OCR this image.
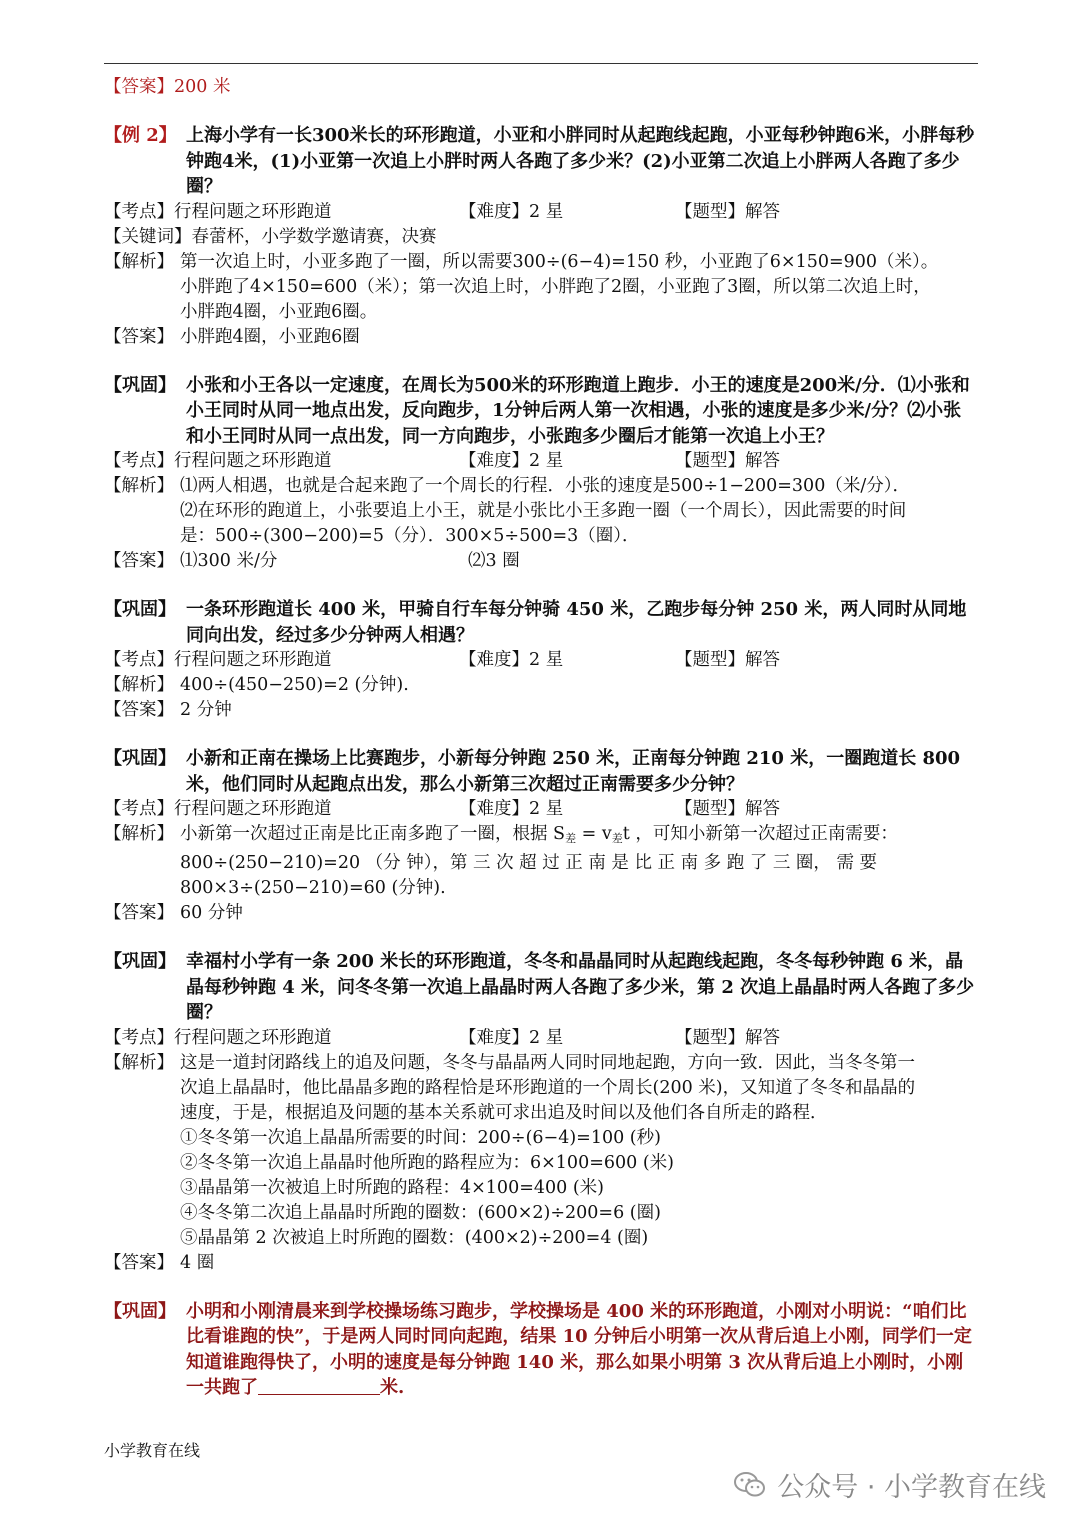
【答案】200 米
【例 2】 上海小学有一长300米长的环形跑道，小亚和小胖同时从起跑线起跑，小亚每秒钟跑6米，小胖每秒钟跑4米，(1)小亚第一次追上小胖时两人各跑了多少米？(2)小亚第二次追上小胖两人各跑了多少圈？
【考点】行程问题之环形跑道	【难度】2 星	【题型】解答
【关键词】春蕾杯，小学数学邀请赛，决赛
【解析】 第一次追上时，小亚多跑了一圈，所以需要300÷(6−4)=150 秒，小亚跑了6×150=900（米）。
小胖跑了4×150=600（米）；第一次追上时，小胖跑了2圈，小亚跑了3圈，所以第二次追上时，
小胖跑4圈，小亚跑6圈。
【答案】 小胖跑4圈，小亚跑6圈
【巩固】 小张和小王各以一定速度，在周长为500米的环形跑道上跑步．小王的速度是200米/分．⑴小张和小王同时从同一地点出发，反向跑步，1分钟后两人第一次相遇，小张的速度是多少米/分？⑵小张和小王同时从同一点出发，同一方向跑步，小张跑多少圈后才能第一次追上小王？
【考点】行程问题之环形跑道	【难度】2 星	【题型】解答
【解析】 ⑴两人相遇，也就是合起来跑了一个周长的行程．小张的速度是500÷1−200=300（米/分）．
⑵在环形的跑道上，小张要追上小王，就是小张比小王多跑一圈（一个周长），因此需要的时间
是：500÷(300−200)=5（分）．300×5÷500=3（圈）．
【答案】 ⑴300 米/分	⑵3 圈
【巩固】 一条环形跑道长 400 米，甲骑自行车每分钟骑 450 米，乙跑步每分钟 250 米，两人同时从同地同向出发，经过多少分钟两人相遇？
【考点】行程问题之环形跑道	【难度】2 星	【题型】解答
【解析】 400÷(450−250)=2 (分钟).
【答案】 2 分钟
【巩固】 小新和正南在操场上比赛跑步，小新每分钟跑 250 米，正南每分钟跑 210 米，一圈跑道长 800 米，他们同时从起跑点出发，那么小新第三次超过正南需要多少分钟？
【考点】行程问题之环形跑道	【难度】2 星	【题型】解答
【解析】 小新第一次超过正南是比正南多跑了一圈，根据 $S_差 = v_差t$ ，可知小新第一次超过正南需要：
800÷(250−210)=20 （分 钟），第 三 次 超 过 正 南 是 比 正 南 多 跑 了 三 圈， 需 要
800×3÷(250−210)=60 (分钟).
【答案】 60 分钟
【巩固】 幸福村小学有一条 200 米长的环形跑道，冬冬和晶晶同时从起跑线起跑，冬冬每秒钟跑 6 米，晶晶每秒钟跑 4 米，问冬冬第一次追上晶晶时两人各跑了多少米，第 2 次追上晶晶时两人各跑了多少圈？
【考点】行程问题之环形跑道	【难度】2 星	【题型】解答
【解析】 这是一道封闭路线上的追及问题，冬冬与晶晶两人同时同地起跑，方向一致．因此，当冬冬第一
次追上晶晶时，他比晶晶多跑的路程恰是环形跑道的一个周长(200 米)，又知道了冬冬和晶晶的
速度，于是，根据追及问题的基本关系就可求出追及时间以及他们各自所走的路程．
①冬冬第一次追上晶晶所需要的时间：200÷(6−4)=100 (秒)
②冬冬第一次追上晶晶时他所跑的路程应为：6×100=600 (米)
③晶晶第一次被追上时所跑的路程：4×100=400 (米)
④冬冬第二次追上晶晶时所跑的圈数：(600×2)÷200=6 (圈)
⑤晶晶第 2 次被追上时所跑的圈数：(400×2)÷200=4 (圈)
【答案】 4 圈
【巩固】 小明和小刚清晨来到学校操场练习跑步，学校操场是 400 米的环形跑道，小刚对小明说：“咱们比比看谁跑的快”，于是两人同时同向起跑，结果 10 分钟后小明第一次从背后追上小刚，同学们一定知道谁跑得快了，小明的速度是每分钟跑 140 米，那么如果小明第 3 次从背后追上小刚时，小刚一共跑了	米.
小学教育在线
公众号 · 小学教育在线
